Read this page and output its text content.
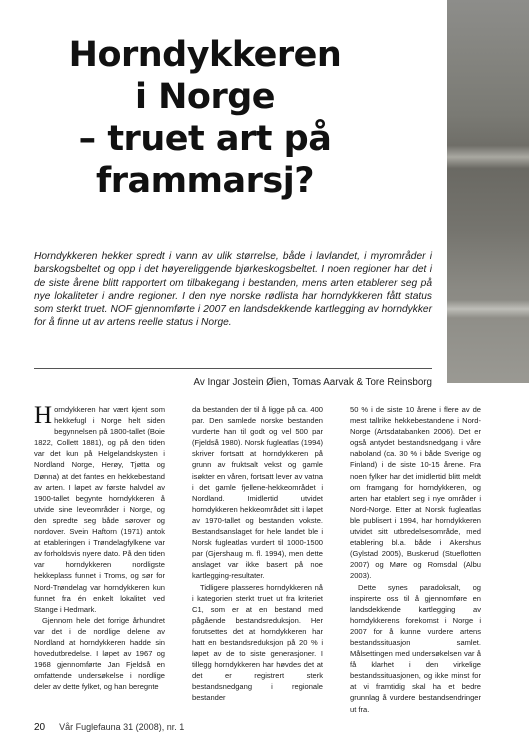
Horndykkeren
i Norge
– truet art på
frammarsj?

Horndykkeren hekker spredt i vann av ulik størrelse, både i lavlandet, i myrområder i barskogsbeltet og opp i det høyereliggende bjørkeskogsbeltet. I noen regioner har det i de siste årene blitt rapportert om tilbakegang i bestanden, mens arten etablerer seg på nye lokaliteter i andre regioner. I den nye norske rødlista har horndykkeren fått status som sterkt truet. NOF gjennomførte i 2007 en landsdekkende kartlegging av horndykker for å finne ut av artens reelle status i Norge.

Av Ingar Jostein Øien, Tomas Aarvak & Tore Reinsborg

Horndykkeren har vært kjent som hekkefugl i Norge helt siden begynnelsen på 1800-tallet (Boie 1822, Collett 1881), og på den tiden var det kun på Helgelandskysten i Nordland Norge, Herøy, Tjøtta og Dønna) at det fantes en hekkebestand av arten. I løpet av første halvdel av 1900-tallet begynte horndykkeren å utvide sine leveområder i Norge, og den spredte seg både sørover og nordover. Svein Haftorn (1971) antok at etableringen i Trøndelagfylkene var av forholdsvis nyere dato. På den tiden var horndykkeren nordligste hekkeplass funnet i Troms, og sør for Nord-Trøndelag var horndykkeren kun funnet fra én enkelt lokalitet ved Stange i Hedmark.

Gjennom hele det forrige århundret var det i de nordlige delene av Nordland at horndykkeren hadde sin hovedutbredelse. I løpet av 1967 og 1968 gjennomførte Jan Fjeldså en omfattende undersøkelse i nordlige deler av dette fylket, og han beregnte

da bestanden der til å ligge på ca. 400 par. Den samlede norske bestanden vurderte han til godt og vel 500 par (Fjeldså 1980). Norsk fugleatlas (1994) skriver fortsatt at horndykkeren på grunn av fruktsalt vekst og gamle isøkter en våren, fortsatt lever av vatna i det gamle fjellene-hekkeområdet i Nordland. Imidlertid utvidet horndykkeren hekkeområdet sitt i løpet av 1970-tallet og bestanden vokste. Bestandsanslaget for hele landet ble i Norsk fugleatlas vurdert til 1000-1500 par (Gjershaug m. fl. 1994), men dette anslaget var ikke basert på noe kartlegging-resultater.

Tidligere plasseres horndykkeren nå i kategorien sterkt truet ut fra kriteriet C1, som er at en bestand med pågående bestandsreduksjon. Her forutsettes det at horndykkeren har hatt en bestandsreduksjon på 20 % i løpet av de to siste generasjoner. I tillegg horndykkeren har høvdes det at det er registrert sterk bestandsnedgang i regionale bestander

50 % i de siste 10 årene i flere av de mest tallrike hekkebestandene i Nord-Norge (Artsdatabanken 2006). Det er også antydet bestandsnedgang i våre naboland (ca. 30 % i både Sverige og Finland) i de siste 10-15 årene. Fra noen fylker har det imidlertid blitt meldt om framgang for horndykkeren, og arten har etablert seg i nye områder i Nord-Norge. Etter at Norsk fugleatlas ble publisert i 1994, har horndykkeren utvidet sitt utbredelsesområde, med etablering bl.a. både i Akershus (Gylstad 2005), Buskerud (Stueflotten 2007) og Møre og Romsdal (Albu 2003).

Dette synes paradoksalt, og inspirerte oss til å gjennomføre en landsdekkende kartlegging av horndykkerens forekomst i Norge i 2007 for å kunne vurdere artens bestandssituasjon samlet. Målsettingen med undersøkelsen var å få klarhet i den virkelige bestandssituasjonen, og ikke minst for at vi framtidig skal ha et bedre grunnlag å vurdere bestandsendringer ut fra.

20 Vår Fuglefauna 31 (2008), nr. 1
